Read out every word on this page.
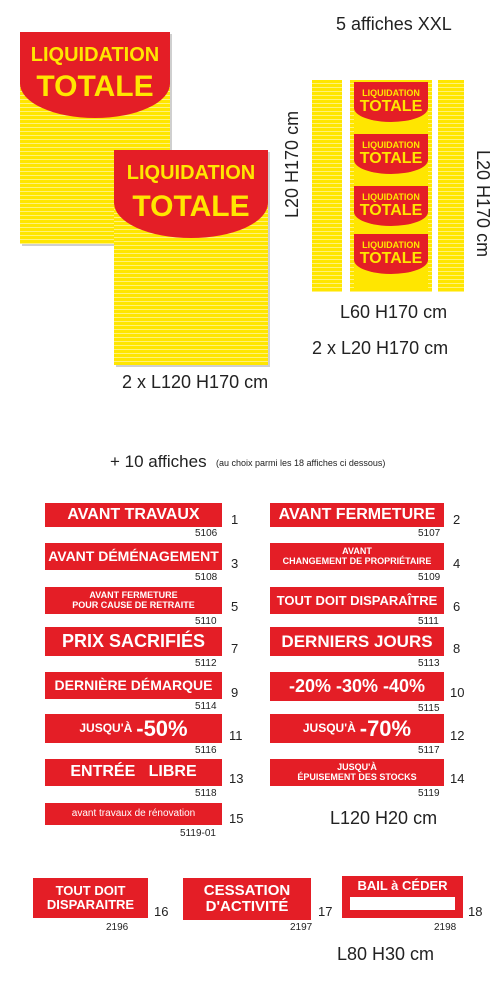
5 affiches XXL
LIQUIDATION
TOTALE
LIQUIDATION
TOTALE
2 x L120 H170 cm
LIQUIDATION
TOTALE
LIQUIDATION
TOTALE
LIQUIDATION
TOTALE
LIQUIDATION
TOTALE
L20 H170 cm	L20 H170 cm
L60 H170 cm
2 x L20 H170 cm
+ 10 affiches (au choix parmi les 18 affiches ci dessous)
AVANT TRAVAUX
5106
1
AVANT DÉMÉNAGEMENT
5108
3
AVANT FERMETURE
POUR CAUSE DE RETRAITE
5110
5
PRIX SACRIFIÉS
5112
7
DERNIÈRE DÉMARQUE
5114
9
JUSQU'À -50%
5116
11
ENTRÉE   LIBRE
5118
13
avant travaux de rénovation
5119-01
15
AVANT FERMETURE
5107
2
AVANT
CHANGEMENT DE PROPRIÉTAIRE
5109
4
TOUT DOIT DISPARAÎTRE
5111
6
DERNIERS JOURS
5113
8
-20% -30% -40%
5115
10
JUSQU'À -70%
5117
12
JUSQU'À
ÉPUISEMENT DES STOCKS
5119
14
L120 H20 cm
TOUT DOIT
DISPARAITRE 16
2196
CESSATION
D'ACTIVITÉ 17
2197
BAIL à CÉDER
18
2198
L80 H30 cm
